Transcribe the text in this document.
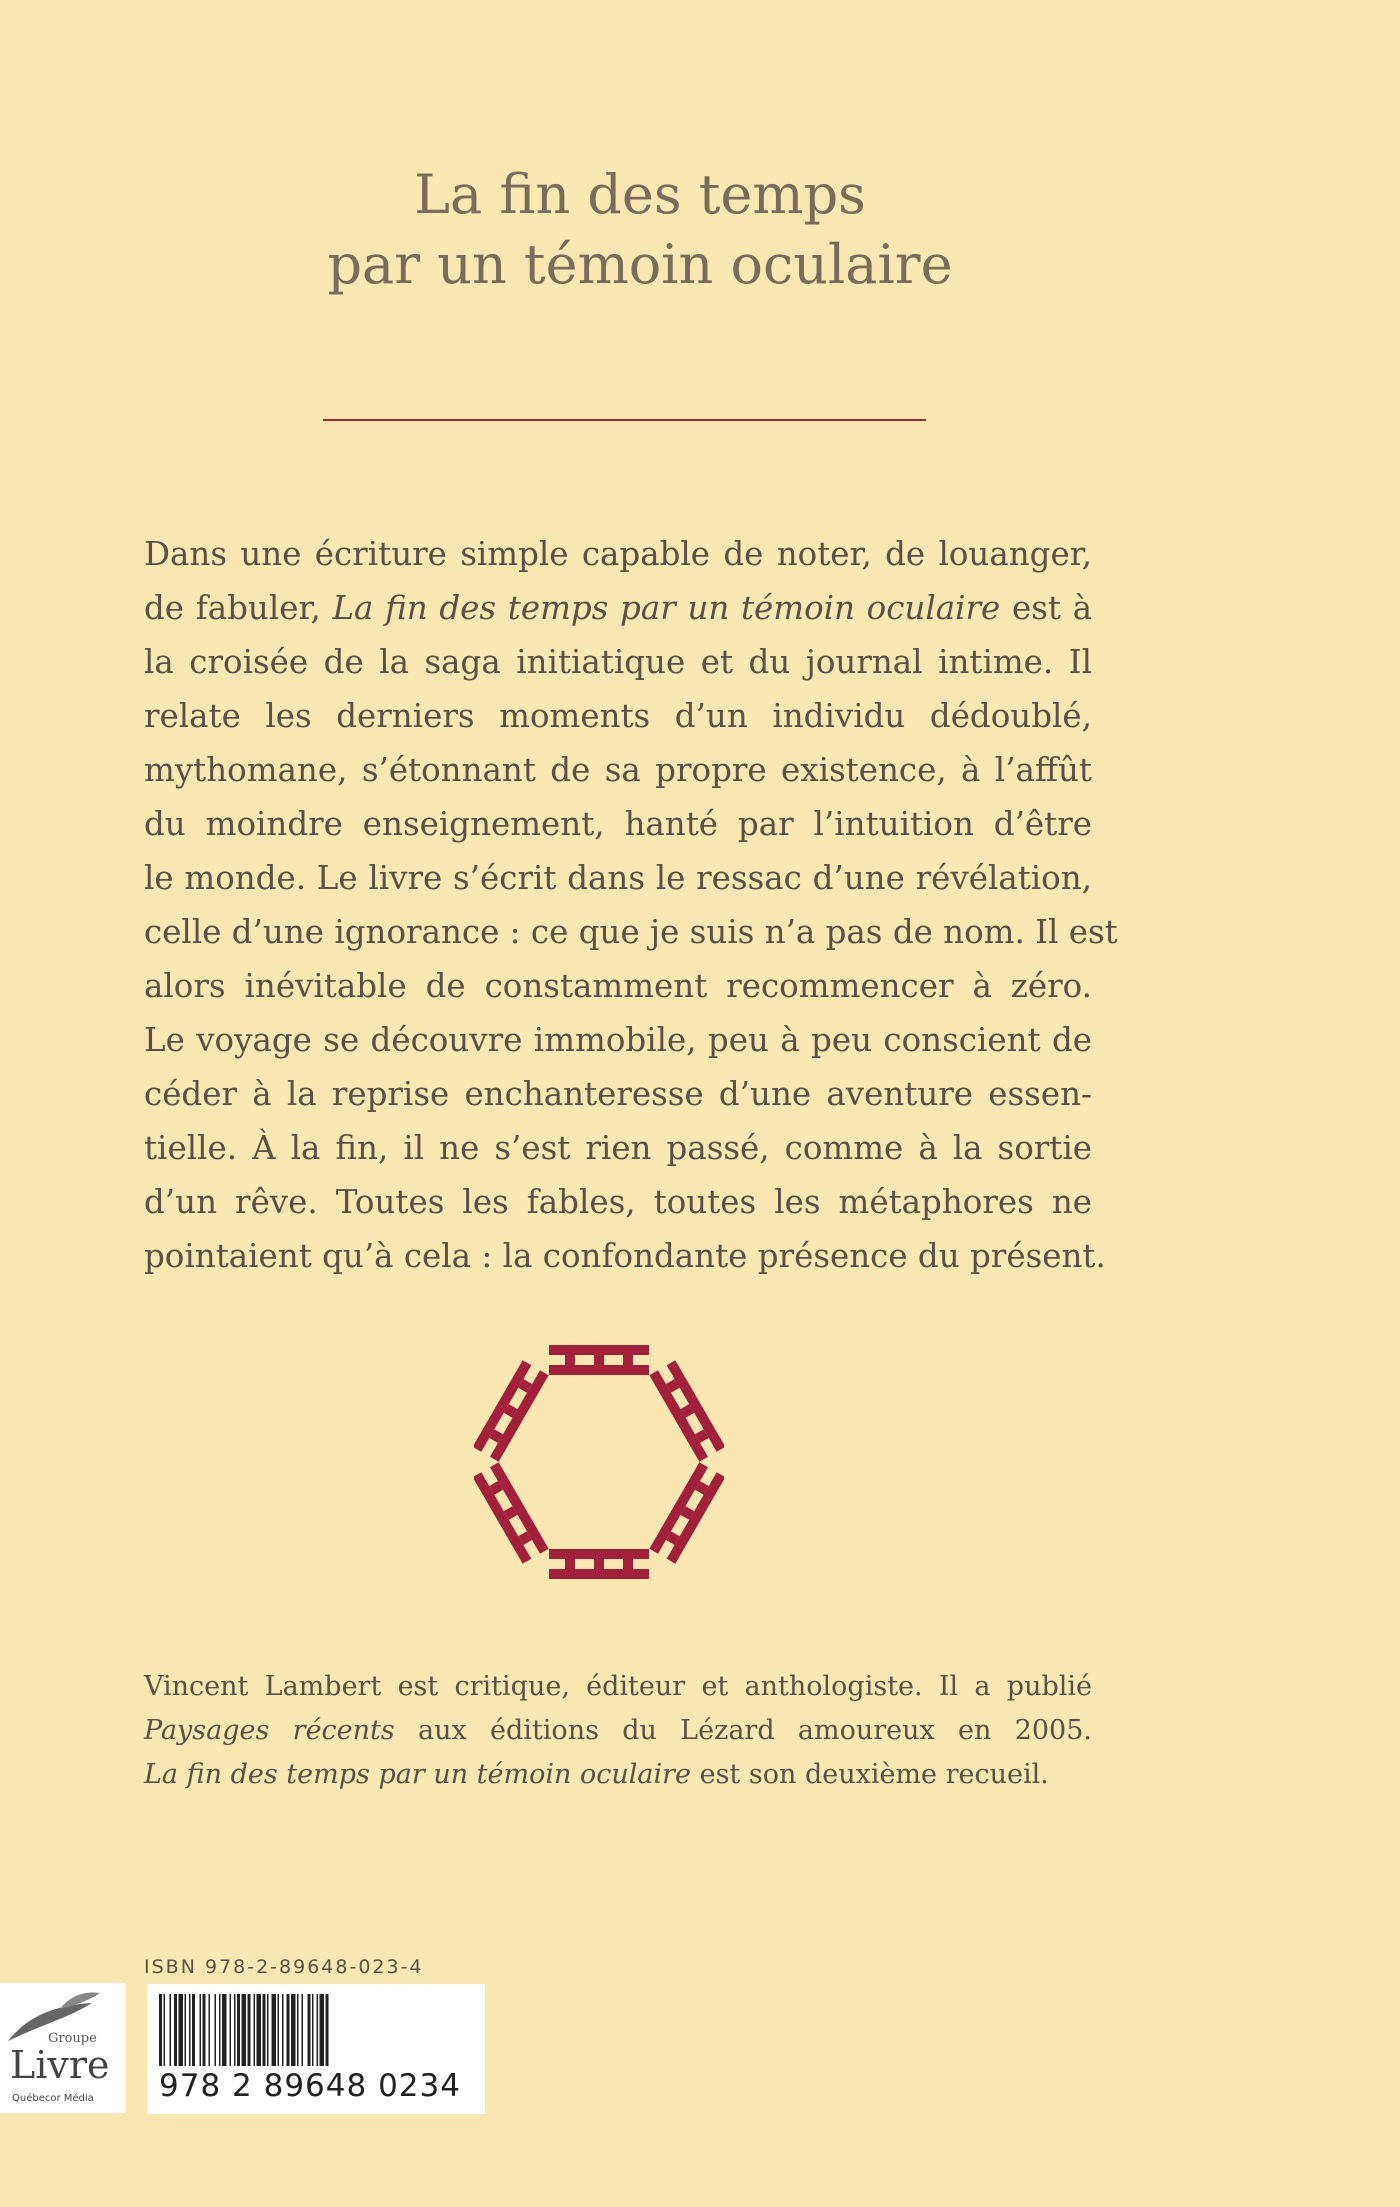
La fin des temps
par un témoin oculaire
Dans une écriture simple capable de noter, de louanger,
de fabuler, La fin des temps par un témoin oculaire est à
la croisée de la saga initiatique et du journal intime. Il
relate les derniers moments d’un individu dédoublé,
mythomane, s’étonnant de sa propre existence, à l’affût
du moindre enseignement, hanté par l’intuition d’être
le monde. Le livre s’écrit dans le ressac d’une révélation,
celle d’une ignorance : ce que je suis n’a pas de nom. Il est
alors inévitable de constamment recommencer à zéro.
Le voyage se découvre immobile, peu à peu conscient de
céder à la reprise enchanteresse d’une aventure essen-
tielle. À la fin, il ne s’est rien passé, comme à la sortie
d’un rêve. Toutes les fables, toutes les métaphores ne
pointaient qu’à cela : la confondante présence du présent.
Vincent Lambert est critique, éditeur et anthologiste. Il a publié
Paysages récents aux éditions du Lézard amoureux en 2005.
La fin des temps par un témoin oculaire est son deuxième recueil.
ISBN 978-2-89648-023-4
Groupe
Livre
Québecor Média 978 2 89648 0234
